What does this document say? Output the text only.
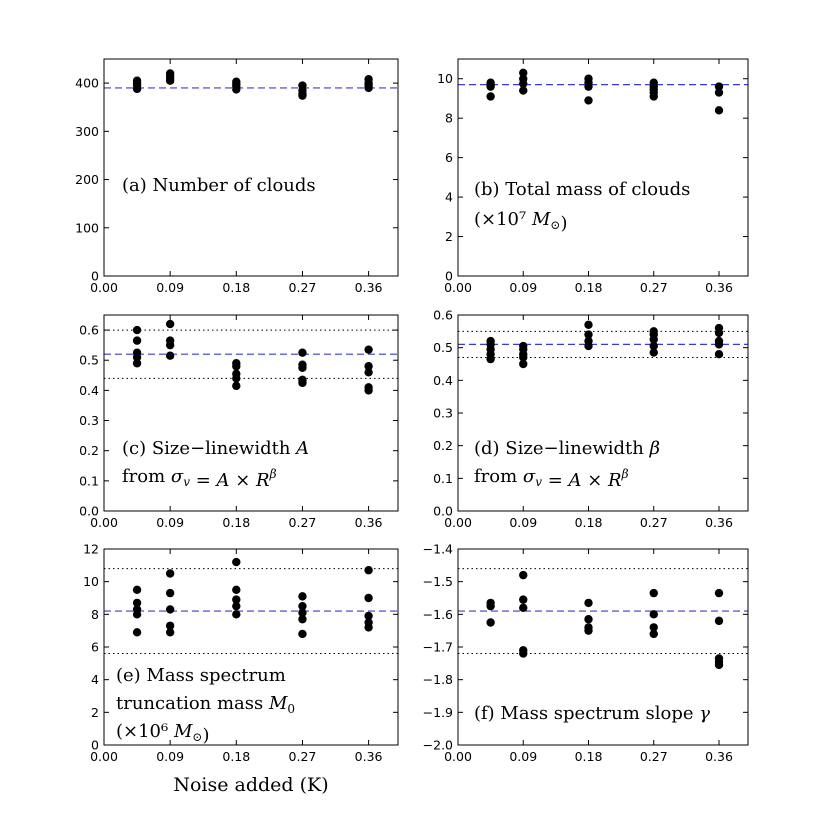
Noise added (K)
0.00	0.09	0.18	0.27	0.36
0
100
200
300
400
(a) Number of clouds
0.00	0.09	0.18	0.27	0.36
0
2
4
6
8
10
(b) Total mass of clouds
(×10⁷ $M_⊙$)
0.00	0.09	0.18	0.27	0.36
0.0
0.1
0.2
0.3
0.4
0.5
0.6
(c) Size−linewidth A
from $\sigma_v = A \times R^\beta$
0.00	0.09	0.18	0.27	0.36
0.0
0.1
0.2
0.3
0.4
0.5
0.6
(d) Size−linewidth β
from $\sigma_v = A \times R^\beta$
0.00	0.09	0.18	0.27	0.36
0
2
4
6
8
10
12
(e) Mass spectrum
truncation mass $M_0$
(×10⁶ $M_⊙$)
0.00	0.09	0.18	0.27	0.36
−2.0
−1.9
−1.8
−1.7
−1.6
−1.5
−1.4
(f) Mass spectrum slope γ
